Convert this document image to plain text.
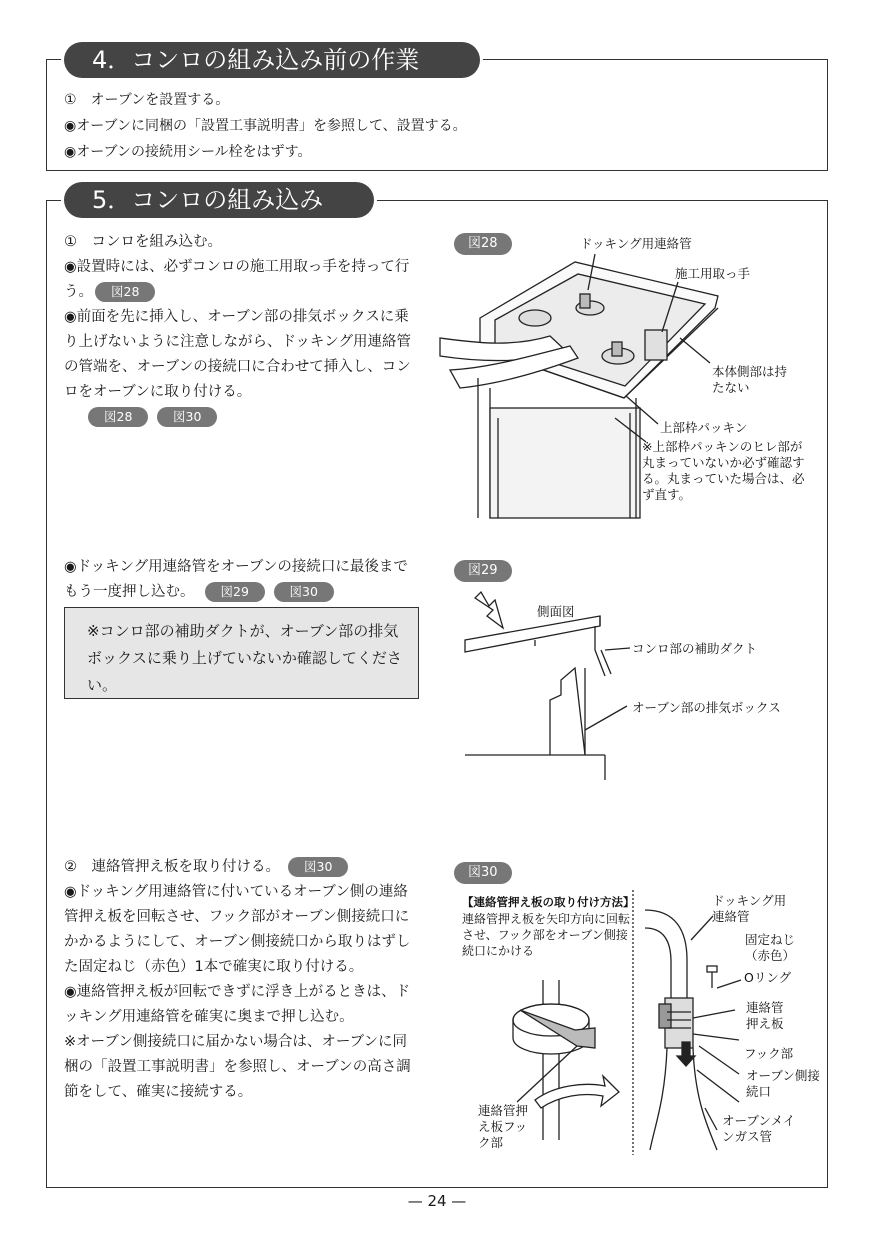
4．コンロの組み込み前の作業
①　オーブンを設置する。
◉オーブンに同梱の「設置工事説明書」を参照して、設置する。
◉オーブンの接続用シール栓をはずす。
5．コンロの組み込み

①　コンロを組み込む。

◉設置時には、必ずコンロの施工用取っ手を持って行う。 図28

◉前面を先に挿入し、オーブン部の排気ボックスに乗り上げないように注意しながら、ドッキング用連絡管の管端を、オーブンの接続口に合わせて挿入し、コンロをオーブンに取り付ける。
図28	図30

◉ドッキング用連絡管をオーブンの接続口に最後までもう一度押し込む。 図29	図30

※コンロ部の補助ダクトが、オーブン部の排気ボックスに乗り上げていないか確認してください。

②　連絡管押え板を取り付ける。 図30

◉ドッキング用連絡管に付いているオーブン側の連絡管押え板を回転させ、フック部がオーブン側接続口にかかるようにして、オーブン側接続口から取りはずした固定ねじ（赤色）1本で確実に取り付ける。

◉連絡管押え板が回転できずに浮き上がるときは、ドッキング用連絡管を確実に奥まで押し込む。

※オーブン側接続口に届かない場合は、オーブンに同梱の「設置工事説明書」を参照し、オーブンの高さ調節をして、確実に接続する。

図28	ドッキング用連絡管
施工用取っ手
本体側部は持たない
上部枠パッキン
※上部枠パッキンのヒレ部が丸まっていないか必ず確認する。丸まっていた場合は、必ず直す。
図29
側面図
コンロ部の補助ダクト
オーブン部の排気ボックス
図30
【連絡管押え板の取り付け方法】
連絡管押え板を矢印方向に回転させ、フック部をオーブン側接続口にかける
ドッキング用連絡管
固定ねじ（赤色）
Oリング
連絡管押え板
フック部
オーブン側接続口
オーブンメインガス管
連絡管押え板フック部
— 24 —
